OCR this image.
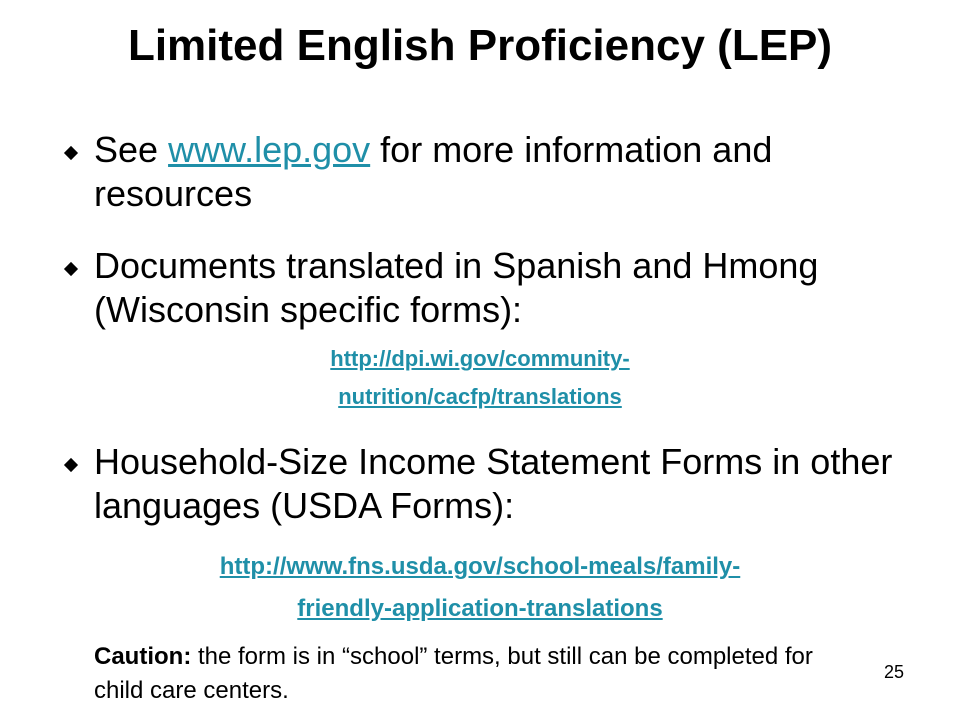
Limited English Proficiency (LEP)
See www.lep.gov for more information and resources
Documents translated in Spanish and Hmong (Wisconsin specific forms):
http://dpi.wi.gov/community-
nutrition/cacfp/translations
Household-Size Income Statement Forms in other languages (USDA Forms):
http://www.fns.usda.gov/school-meals/family-
friendly-application-translations
Caution: the form is in “school” terms, but still can be completed for child care centers.
25
